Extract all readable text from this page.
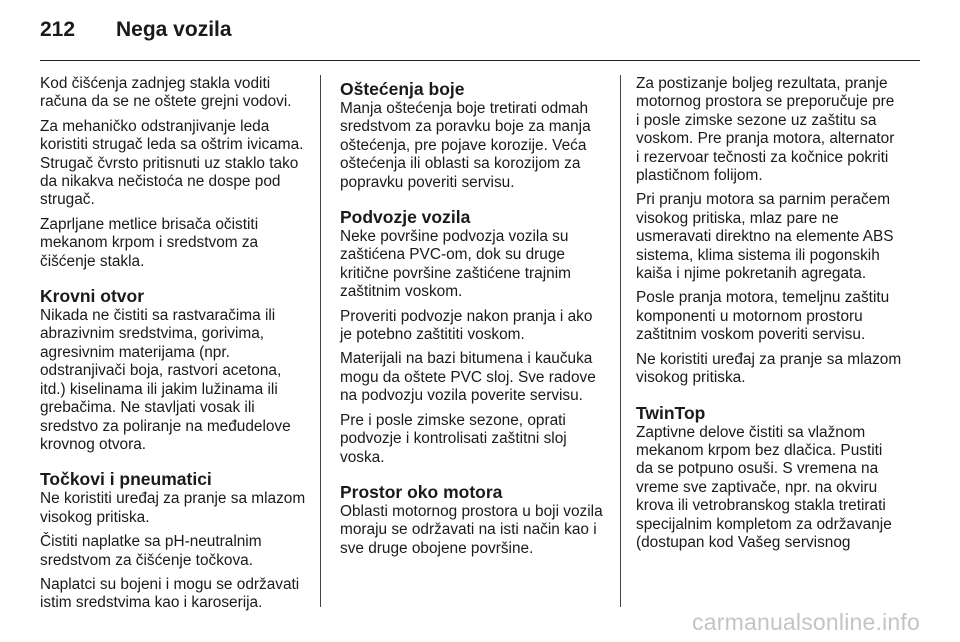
212 Nega vozila

Kod čišćenja zadnjeg stakla voditi računa da se ne oštete grejni vodovi.

Za mehaničko odstranjivanje leda koristiti strugač leda sa oštrim ivicama. Strugač čvrsto pritisnuti uz staklo tako da nikakva nečistoća ne dospe pod strugač.

Zaprljane metlice brisača očistiti mekanom krpom i sredstvom za čišćenje stakla.

Krovni otvor

Nikada ne čistiti sa rastvaračima ili abrazivnim sredstvima, gorivima, agresivnim materijama (npr. odstranjivači boja, rastvori acetona, itd.) kiselinama ili jakim lužinama ili grebačima. Ne stavljati vosak ili sredstvo za poliranje na međudelove krovnog otvora.

Točkovi i pneumatici

Ne koristiti uređaj za pranje sa mlazom visokog pritiska.

Čistiti naplatke sa pH-neutralnim sredstvom za čišćenje točkova.

Naplatci su bojeni i mogu se održavati istim sredstvima kao i karoserija.

Oštećenja boje

Manja oštećenja boje tretirati odmah sredstvom za poravku boje za manja oštećenja, pre pojave korozije. Veća oštećenja ili oblasti sa korozijom za popravku poveriti servisu.

Podvozje vozila

Neke površine podvozja vozila su zaštićena PVC-om, dok su druge kritične površine zaštićene trajnim zaštitnim voskom.

Proveriti podvozje nakon pranja i ako je potebno zaštititi voskom.

Materijali na bazi bitumena i kaučuka mogu da oštete PVC sloj. Sve radove na podvozju vozila poverite servisu.

Pre i posle zimske sezone, oprati podvozje i kontrolisati zaštitni sloj voska.

Prostor oko motora

Oblasti motornog prostora u boji vozila moraju se održavati na isti način kao i sve druge obojene površine.

Za postizanje boljeg rezultata, pranje motornog prostora se preporučuje pre i posle zimske sezone uz zaštitu sa voskom. Pre pranja motora, alternator i rezervoar tečnosti za kočnice pokriti plastičnom folijom.

Pri pranju motora sa parnim peračem visokog pritiska, mlaz pare ne usmeravati direktno na elemente ABS sistema, klima sistema ili pogonskih kaiša i njime pokretanih agregata.

Posle pranja motora, temeljnu zaštitu komponenti u motornom prostoru zaštitnim voskom poveriti servisu.

Ne koristiti uređaj za pranje sa mlazom visokog pritiska.

TwinTop

Zaptivne delove čistiti sa vlažnom mekanom krpom bez dlačica. Pustiti da se potpuno osuši. S vremena na vreme sve zaptivače, npr. na okviru krova ili vetrobranskog stakla tretirati specijalnim kompletom za održavanje (dostupan kod Vašeg servisnog

carmanualsonline.info
